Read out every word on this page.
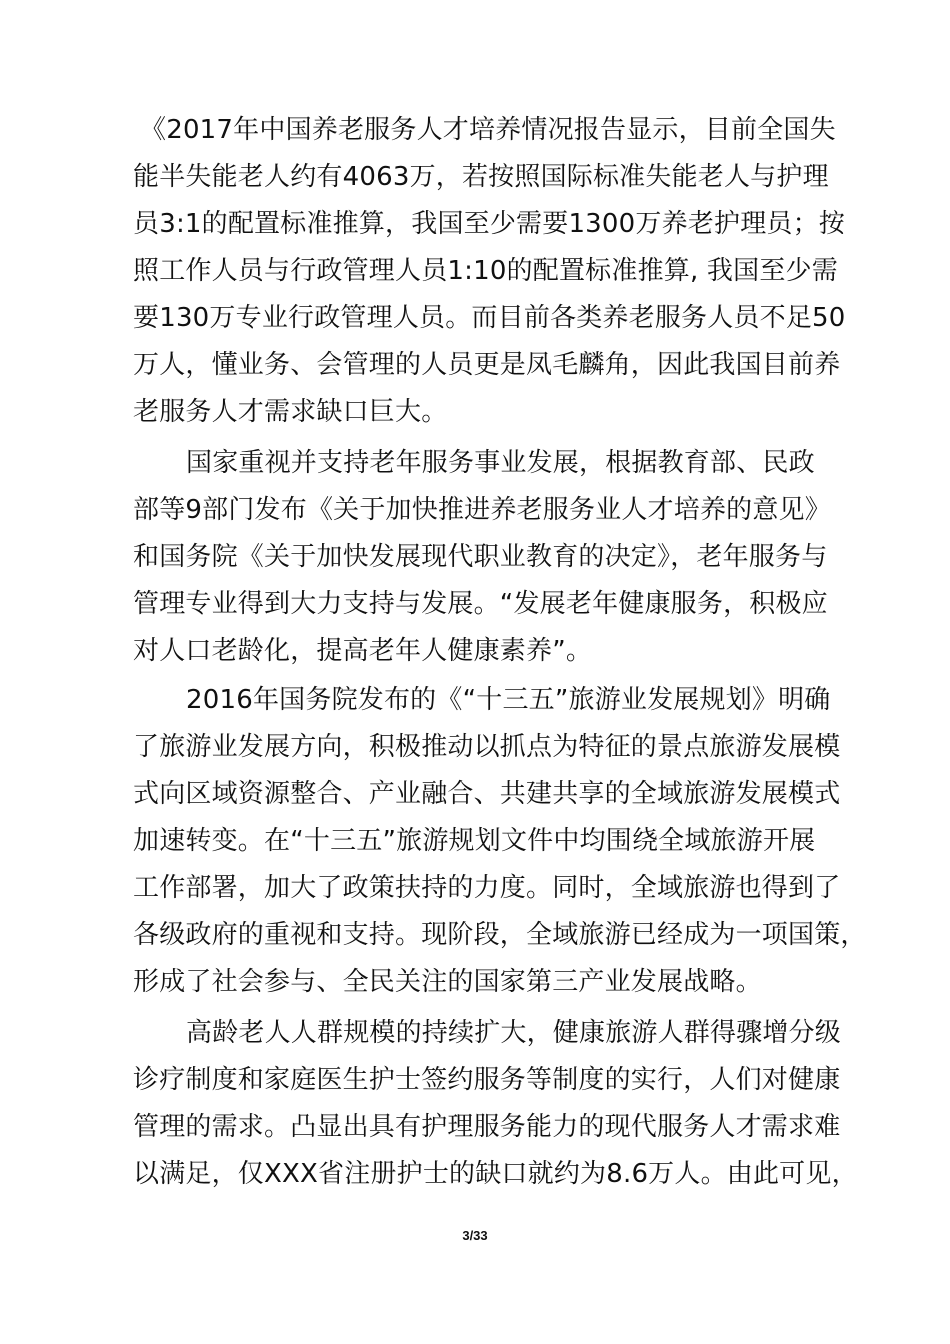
《2017年中国养老服务人才培养情况报告显示，目前全国失
能半失能老人约有4063万，若按照国际标准失能老人与护理
员3:1的配置标准推算，我国至少需要1300万养老护理员；按
照工作人员与行政管理人员1:10的配置标准推算, 我国至少需
要130万专业行政管理人员。而目前各类养老服务人员不足50
万人，懂业务、会管理的人员更是凤毛麟角，因此我国目前养
老服务人才需求缺口巨大。
国家重视并支持老年服务事业发展，根据教育部、民政
部等9部门发布《关于加快推进养老服务业人才培养的意见》
和国务院《关于加快发展现代职业教育的决定》，老年服务与
管理专业得到大力支持与发展。“发展老年健康服务，积极应
对人口老龄化，提高老年人健康素养”。
2016年国务院发布的《“十三五”旅游业发展规划》明确
了旅游业发展方向，积极推动以抓点为特征的景点旅游发展模
式向区域资源整合、产业融合、共建共享的全域旅游发展模式
加速转变。在“十三五”旅游规划文件中均围绕全域旅游开展
工作部署，加大了政策扶持的力度。同时，全域旅游也得到了
各级政府的重视和支持。现阶段，全域旅游已经成为一项国策，
形成了社会参与、全民关注的国家第三产业发展战略。
高龄老人人群规模的持续扩大，健康旅游人群得骤增分级
诊疗制度和家庭医生护士签约服务等制度的实行，人们对健康
管理的需求。凸显出具有护理服务能力的现代服务人才需求难
以满足，仅XXX省注册护士的缺口就约为8.6万人。由此可见，
3/33
